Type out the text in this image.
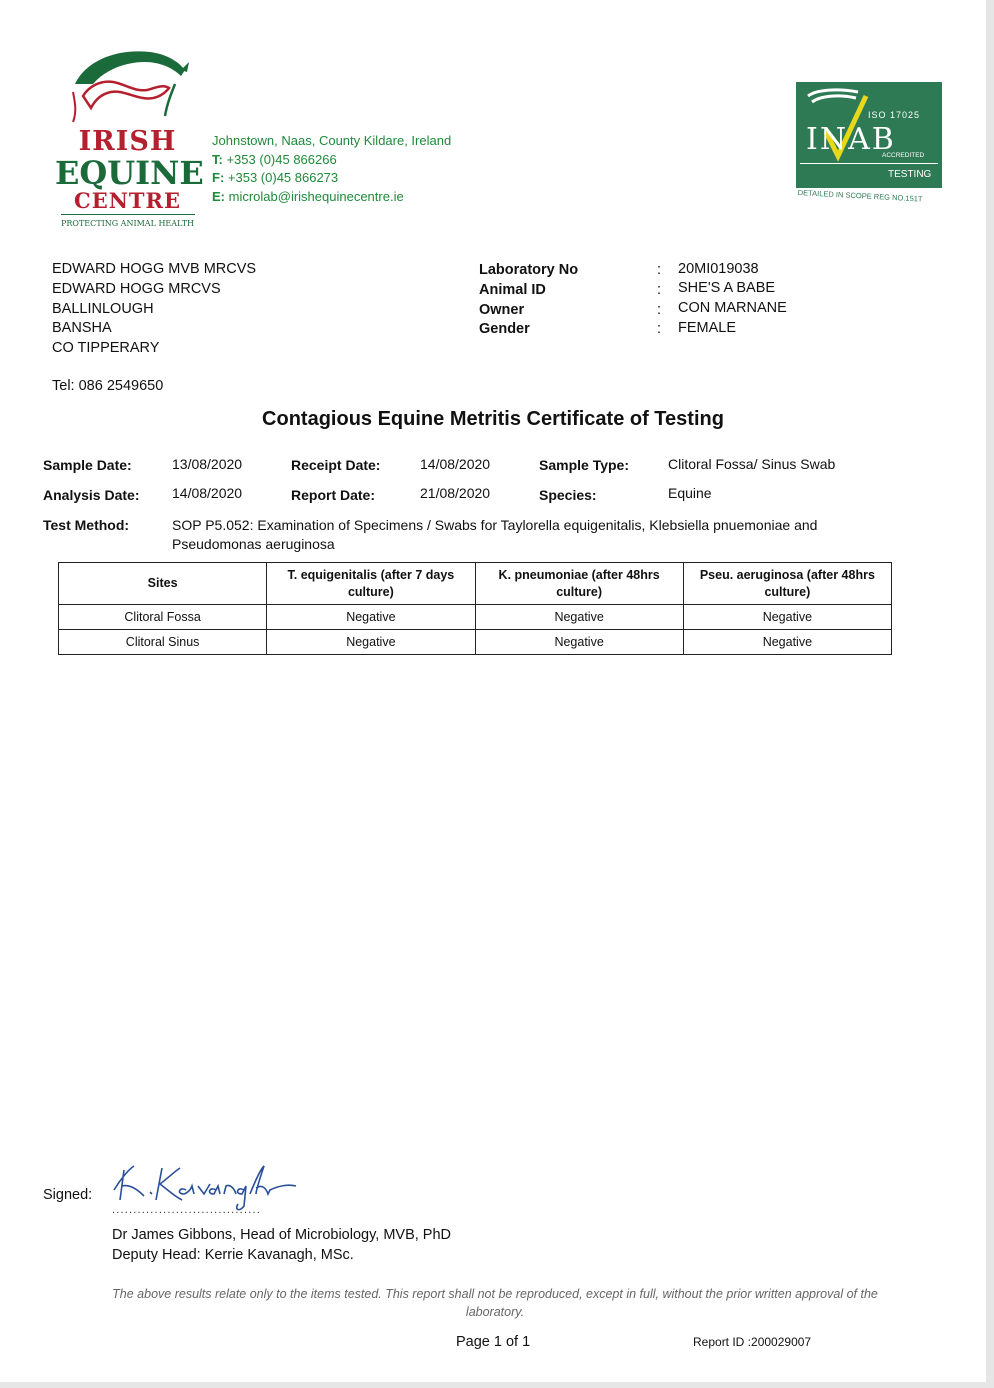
IRISH
EQUINE
CENTRE
PROTECTING ANIMAL HEALTH
Johnstown, Naas, County Kildare, Ireland
T: +353 (0)45 866266
F: +353 (0)45 866273
E: microlab@irishequinecentre.ie
ISO 17025
INAB
ACCREDITED
TESTING
DETAILED IN SCOPE REG NO.151T
EDWARD HOGG MVB MRCVS
EDWARD HOGG MRCVS
BALLINLOUGH
BANSHA
CO TIPPERARY
Tel: 086 2549650
Laboratory No	: 20MI019038
Animal ID	: SHE'S A BABE
Owner	: CON MARNANE
Gender	: FEMALE
Contagious Equine Metritis Certificate of Testing
Sample Date:	13/08/2020	Receipt Date:	14/08/2020	Sample Type:	Clitoral Fossa/ Sinus Swab
Analysis Date: 14/08/2020	Report Date:	21/08/2020	Species:	Equine
Test Method:	SOP P5.052: Examination of Specimens / Swabs for Taylorella equigenitalis, Klebsiella pnuemoniae and Pseudomonas aeruginosa
Sites	T. equigenitalis (after 7 days culture)	K. pneumoniae (after 48hrs culture)	Pseu. aeruginosa (after 48hrs culture)
Clitoral Fossa	Negative	Negative	Negative
Clitoral Sinus	Negative	Negative	Negative
Signed:
...................................
Dr James Gibbons, Head of Microbiology, MVB, PhD
Deputy Head: Kerrie Kavanagh, MSc.
The above results relate only to the items tested. This report shall not be reproduced, except in full, without the prior written approval of the laboratory.
Page 1 of 1	Report ID :200029007
